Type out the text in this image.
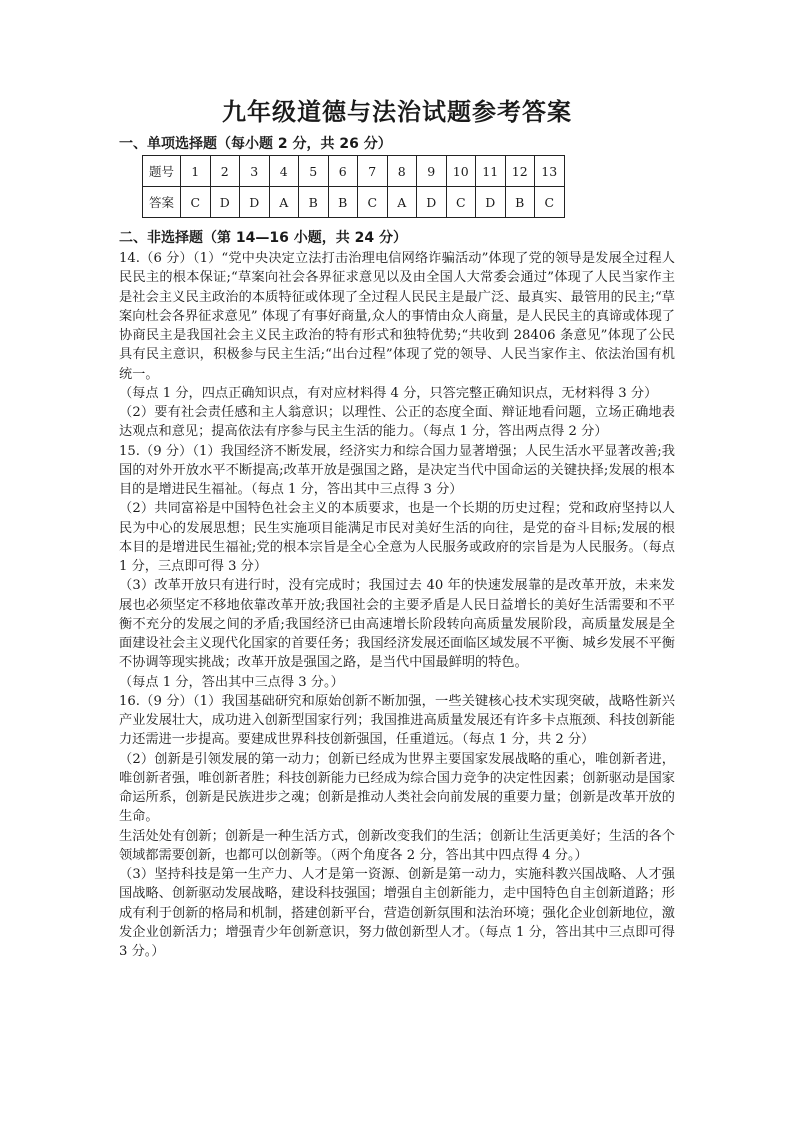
九年级道德与法治试题参考答案
一、单项选择题（每小题 2 分，共 26 分）
题号	1	2	3	4	5	6	7	8	9	10	11	12	13
答案	C	D	D	A	B	B	C	A	D	C	D	B	C
二、非选择题（第 14—16 小题，共 24 分）

14.（6 分）（1）“党中央决定立法打击治理电信网络诈骗活动”体现了党的领导是发展全过程人民民主的根本保证;“草案向社会各界征求意见以及由全国人大常委会通过”体现了人民当家作主是社会主义民主政治的本质特征或体现了全过程人民民主是最广泛、最真实、最管用的民主;“草案向杜会各界征求意见” 体现了有事好商量,众人的事情由众人商量，是人民民主的真谛或体现了协商民主是我国社会主义民主政治的特有形式和独特优势;“共收到 28406 条意见”体现了公民具有民主意识，积极参与民主生活;“出台过程”体现了党的领导、人民当家作主、依法治国有机统一。

（每点 1 分，四点正确知识点，有对应材料得 4 分，只答完整正确知识点，无材料得 3 分）

（2）要有社会责任感和主人翁意识；以理性、公正的态度全面、辩证地看问题，立场正确地表达观点和意见；提高依法有序参与民主生活的能力。（每点 1 分，答出两点得 2 分）

15.（9 分）（1）我国经济不断发展，经济实力和综合国力显著增强；人民生活水平显著改善;我国的对外开放水平不断提高;改革开放是强国之路，是决定当代中国命运的关键抉择;发展的根本目的是增进民生福祉。（每点 1 分，答出其中三点得 3 分）

（2）共同富裕是中国特色社会主义的本质要求，也是一个长期的历史过程；党和政府坚持以人民为中心的发展思想；民生实施项目能满足市民对美好生活的向往，是党的奋斗目标;发展的根本目的是增进民生福祉;党的根本宗旨是全心全意为人民服务或政府的宗旨是为人民服务。（每点 1 分，三点即可得 3 分）

（3）改革开放只有进行时，没有完成时；我国过去 40 年的快速发展靠的是改革开放，未来发展也必须坚定不移地依靠改革开放;我国社会的主要矛盾是人民日益增长的美好生活需要和不平衡不充分的发展之间的矛盾;我国经济已由高速增长阶段转向高质量发展阶段，高质量发展是全面建设社会主义现代化国家的首要任务；我国经济发展还面临区域发展不平衡、城乡发展不平衡不协调等现实挑战；改革开放是强国之路，是当代中国最鲜明的特色。

（每点 1 分，答出其中三点得 3 分。）

16.（9 分）（1）我国基础研究和原始创新不断加强，一些关键核心技术实现突破，战略性新兴产业发展壮大，成功进入创新型国家行列；我国推进高质量发展还有许多卡点瓶颈、科技创新能力还需进一步提高。要建成世界科技创新强国，任重道远。（每点 1 分，共 2 分）

（2）创新是引领发展的第一动力；创新已经成为世界主要国家发展战略的重心，唯创新者进，唯创新者强，唯创新者胜；科技创新能力已经成为综合国力竞争的决定性因素；创新驱动是国家命运所系，创新是民族进步之魂；创新是推动人类社会向前发展的重要力量；创新是改革开放的生命。

生活处处有创新；创新是一种生活方式，创新改变我们的生活；创新让生活更美好；生活的各个领域都需要创新，也都可以创新等。（两个角度各 2 分，答出其中四点得 4 分。）

（3）坚持科技是第一生产力、人才是第一资源、创新是第一动力，实施科教兴国战略、人才强国战略、创新驱动发展战略，建设科技强国；增强自主创新能力，走中国特色自主创新道路；形成有利于创新的格局和机制，搭建创新平台，营造创新氛围和法治环境；强化企业创新地位，激发企业创新活力；增强青少年创新意识，努力做创新型人才。（每点 1 分，答出其中三点即可得 3 分。）
